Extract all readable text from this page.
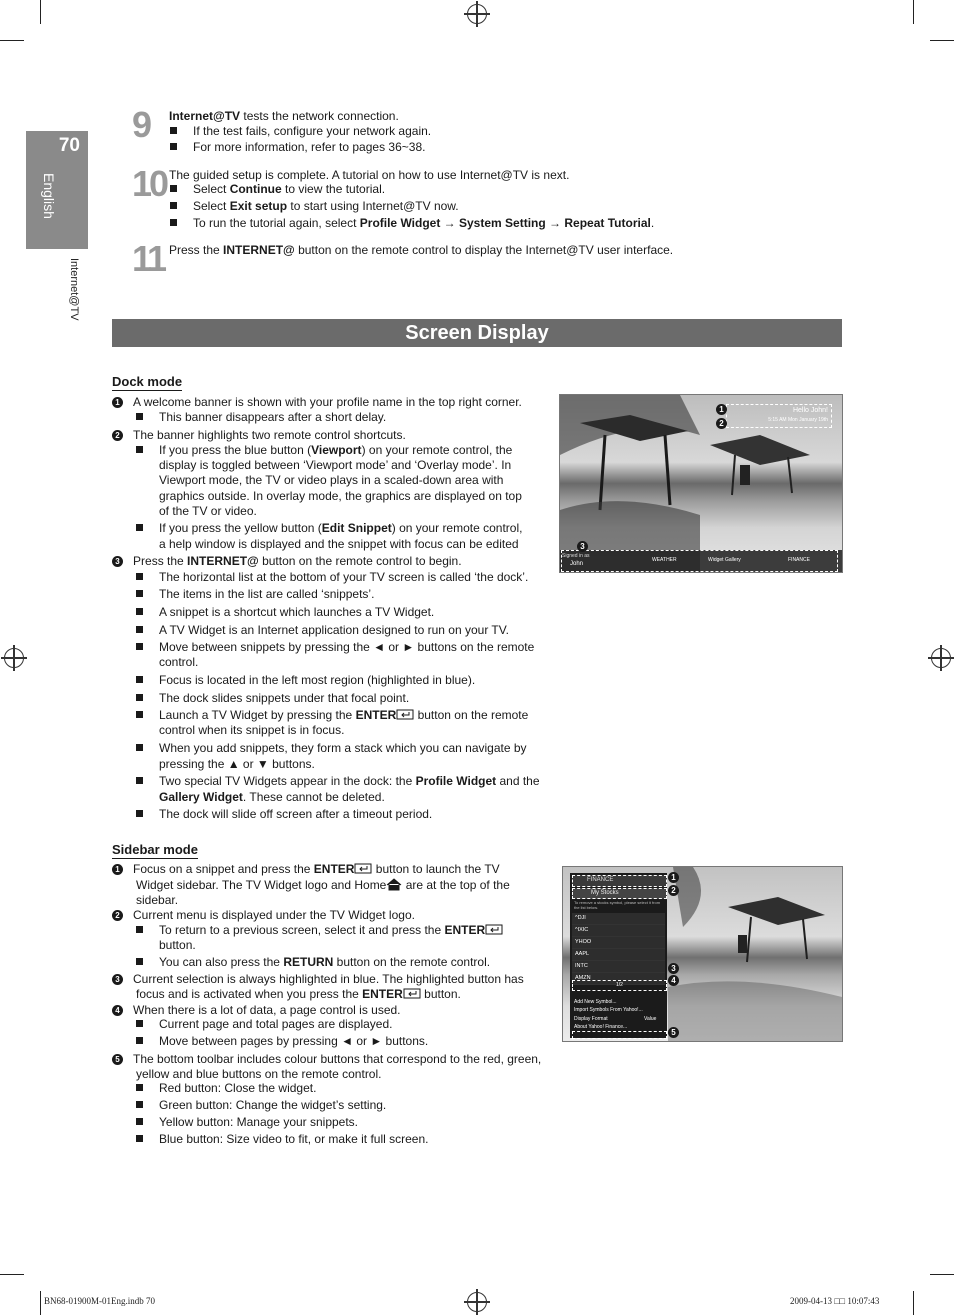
70
English
Internet@TV
9 Internet@TV tests the network connection.
If the test fails, configure your network again.
For more information, refer to pages 36~38.
10 The guided setup is complete. A tutorial on how to use Internet@TV is next.
Select Continue to view the tutorial.
Select Exit setup to start using Internet@TV now.
To run the tutorial again, select Profile Widget → System Setting → Repeat Tutorial.
11 Press the INTERNET@ button on the remote control to display the Internet@TV user interface.
Screen Display
Dock mode
1 A welcome banner is shown with your profile name in the top right corner.
This banner disappears after a short delay.
2 The banner highlights two remote control shortcuts.
If you press the blue button (Viewport) on your remote control, the
display is toggled between ‘Viewport mode’ and ‘Overlay mode’. In
Viewport mode, the TV or video plays in a scaled-down area with
graphics outside. In overlay mode, the graphics are displayed on top
of the TV or video.
If you press the yellow button (Edit Snippet) on your remote control,
a help window is displayed and the snippet with focus can be edited
3 Press the INTERNET@ button on the remote control to begin.
The horizontal list at the bottom of your TV screen is called ‘the dock’.
The items in the list are called ‘snippets’.
A snippet is a shortcut which launches a TV Widget.
A TV Widget is an Internet application designed to run on your TV.
Move between snippets by pressing the ◄ or ► buttons on the remote
control.
Focus is located in the left most region (highlighted in blue).
The dock slides snippets under that focal point.
Launch a TV Widget by pressing the ENTER button on the remote
control when its snippet is in focus.
When you add snippets, they form a stack which you can navigate by
pressing the ▲ or ▼ buttons.
Two special TV Widgets appear in the dock: the Profile Widget and the
Gallery Widget. These cannot be deleted.
The dock will slide off screen after a timeout period.
Hello John!
5:15 AM Mon January 19th
Signed in as
John
WEATHER	Widget Gallery	FINANCE
1
2
3
Sidebar mode
1 Focus on a snippet and press the ENTER button to launch the TV
Widget sidebar. The TV Widget logo and Home are at the top of the
sidebar.
2 Current menu is displayed under the TV Widget logo.
To return to a previous screen, select it and press the ENTER
button.
You can also press the RETURN button on the remote control.
3 Current selection is always highlighted in blue. The highlighted button has
focus and is activated when you press the ENTER button.
4 When there is a lot of data, a page control is used.
Current page and total pages are displayed.
Move between pages by pressing ◄ or ► buttons.
5 The bottom toolbar includes colour buttons that correspond to the red, green,
yellow and blue buttons on the remote control.
Red button: Close the widget.
Green button: Change the widget’s setting.
Yellow button: Manage your snippets.
Blue button: Size video to fit, or make it full screen.
FINANCE
My Stocks
To remove a stocks symbol, please select it from the list below.
^DJI
^IXIC
YHOO
AAPL
INTC
AMZN
1/2
Add New Symbol...
Import Symbols From Yahoo!...
Display Format	Value
About Yahoo! Finance...
1
2
3
4
5
BN68-01900M-01Eng.indb 70	2009-04-13 □□ 10:07:43
